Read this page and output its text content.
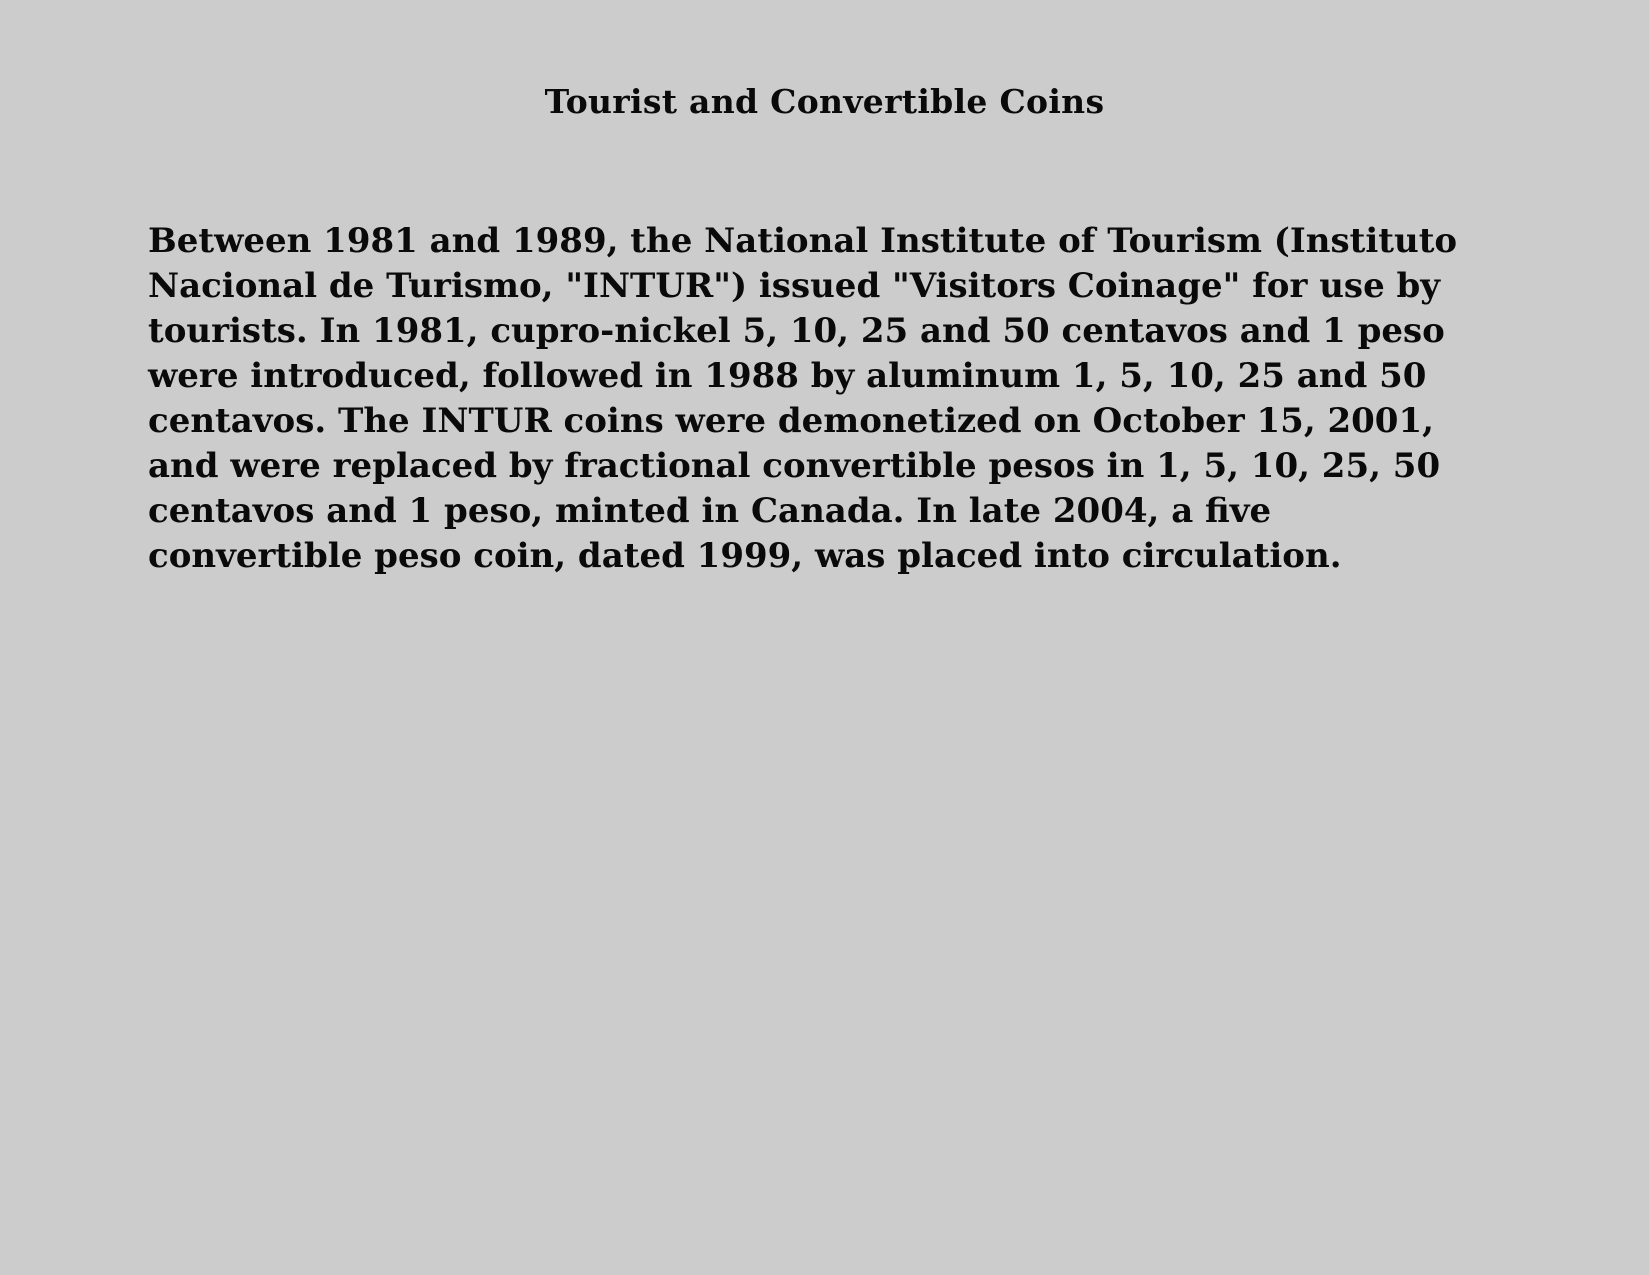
Tourist and Convertible Coins

Between 1981 and 1989, the National Institute of Tourism (Instituto
Nacional de Turismo, "INTUR") issued "Visitors Coinage" for use by
tourists. In 1981, cupro-nickel 5, 10, 25 and 50 centavos and 1 peso
were introduced, followed in 1988 by aluminum 1, 5, 10, 25 and 50
centavos. The INTUR coins were demonetized on October 15, 2001,
and were replaced by fractional convertible pesos in 1, 5, 10, 25, 50
centavos and 1 peso, minted in Canada. In late 2004, a five
convertible peso coin, dated 1999, was placed into circulation.
